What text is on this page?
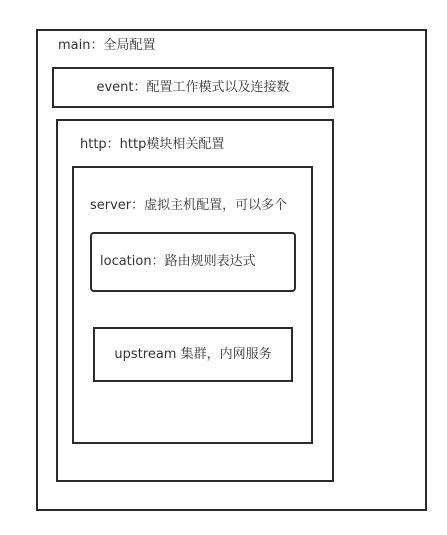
main：全局配置
event：配置工作模式以及连接数
http：http模块相关配置
server：虚拟主机配置，可以多个
location：路由规则表达式
upstream 集群，内网服务
